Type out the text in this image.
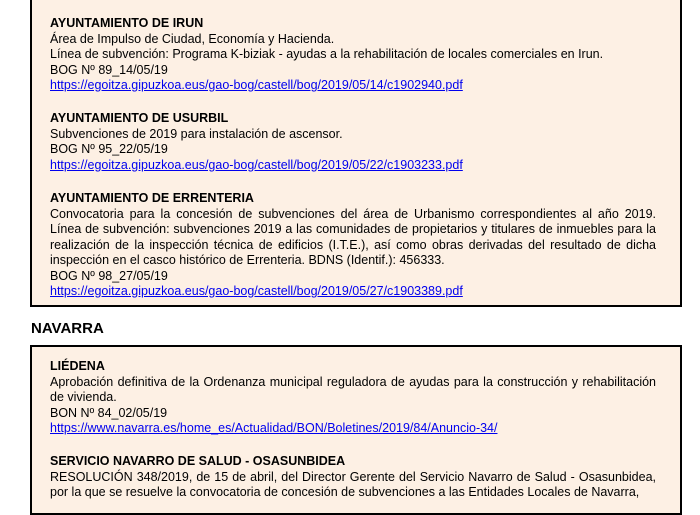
AYUNTAMIENTO DE IRUN
Área de Impulso de Ciudad, Economía y Hacienda.
Línea de subvención: Programa K-biziak - ayudas a la rehabilitación de locales comerciales en Irun.
BOG Nº 89_14/05/19
https://egoitza.gipuzkoa.eus/gao-bog/castell/bog/2019/05/14/c1902940.pdf
AYUNTAMIENTO DE USURBIL
Subvenciones de 2019 para instalación de ascensor.
BOG Nº 95_22/05/19
https://egoitza.gipuzkoa.eus/gao-bog/castell/bog/2019/05/22/c1903233.pdf
AYUNTAMIENTO DE ERRENTERIA
Convocatoria para la concesión de subvenciones del área de Urbanismo correspondientes al año 2019. Línea de subvención: subvenciones 2019 a las comunidades de propietarios y titulares de inmuebles para la realización de la inspección técnica de edificios (I.T.E.), así como obras derivadas del resultado de dicha inspección en el casco histórico de Errenteria. BDNS (Identif.): 456333.
BOG Nº 98_27/05/19
https://egoitza.gipuzkoa.eus/gao-bog/castell/bog/2019/05/27/c1903389.pdf
NAVARRA
LIÉDENA
Aprobación definitiva de la Ordenanza municipal reguladora de ayudas para la construcción y rehabilitación de vivienda.
BON Nº 84_02/05/19
https://www.navarra.es/home_es/Actualidad/BON/Boletines/2019/84/Anuncio-34/
SERVICIO NAVARRO DE SALUD - OSASUNBIDEA
RESOLUCIÓN 348/2019, de 15 de abril, del Director Gerente del Servicio Navarro de Salud - Osasunbidea, por la que se resuelve la convocatoria de concesión de subvenciones a las Entidades Locales de Navarra,
